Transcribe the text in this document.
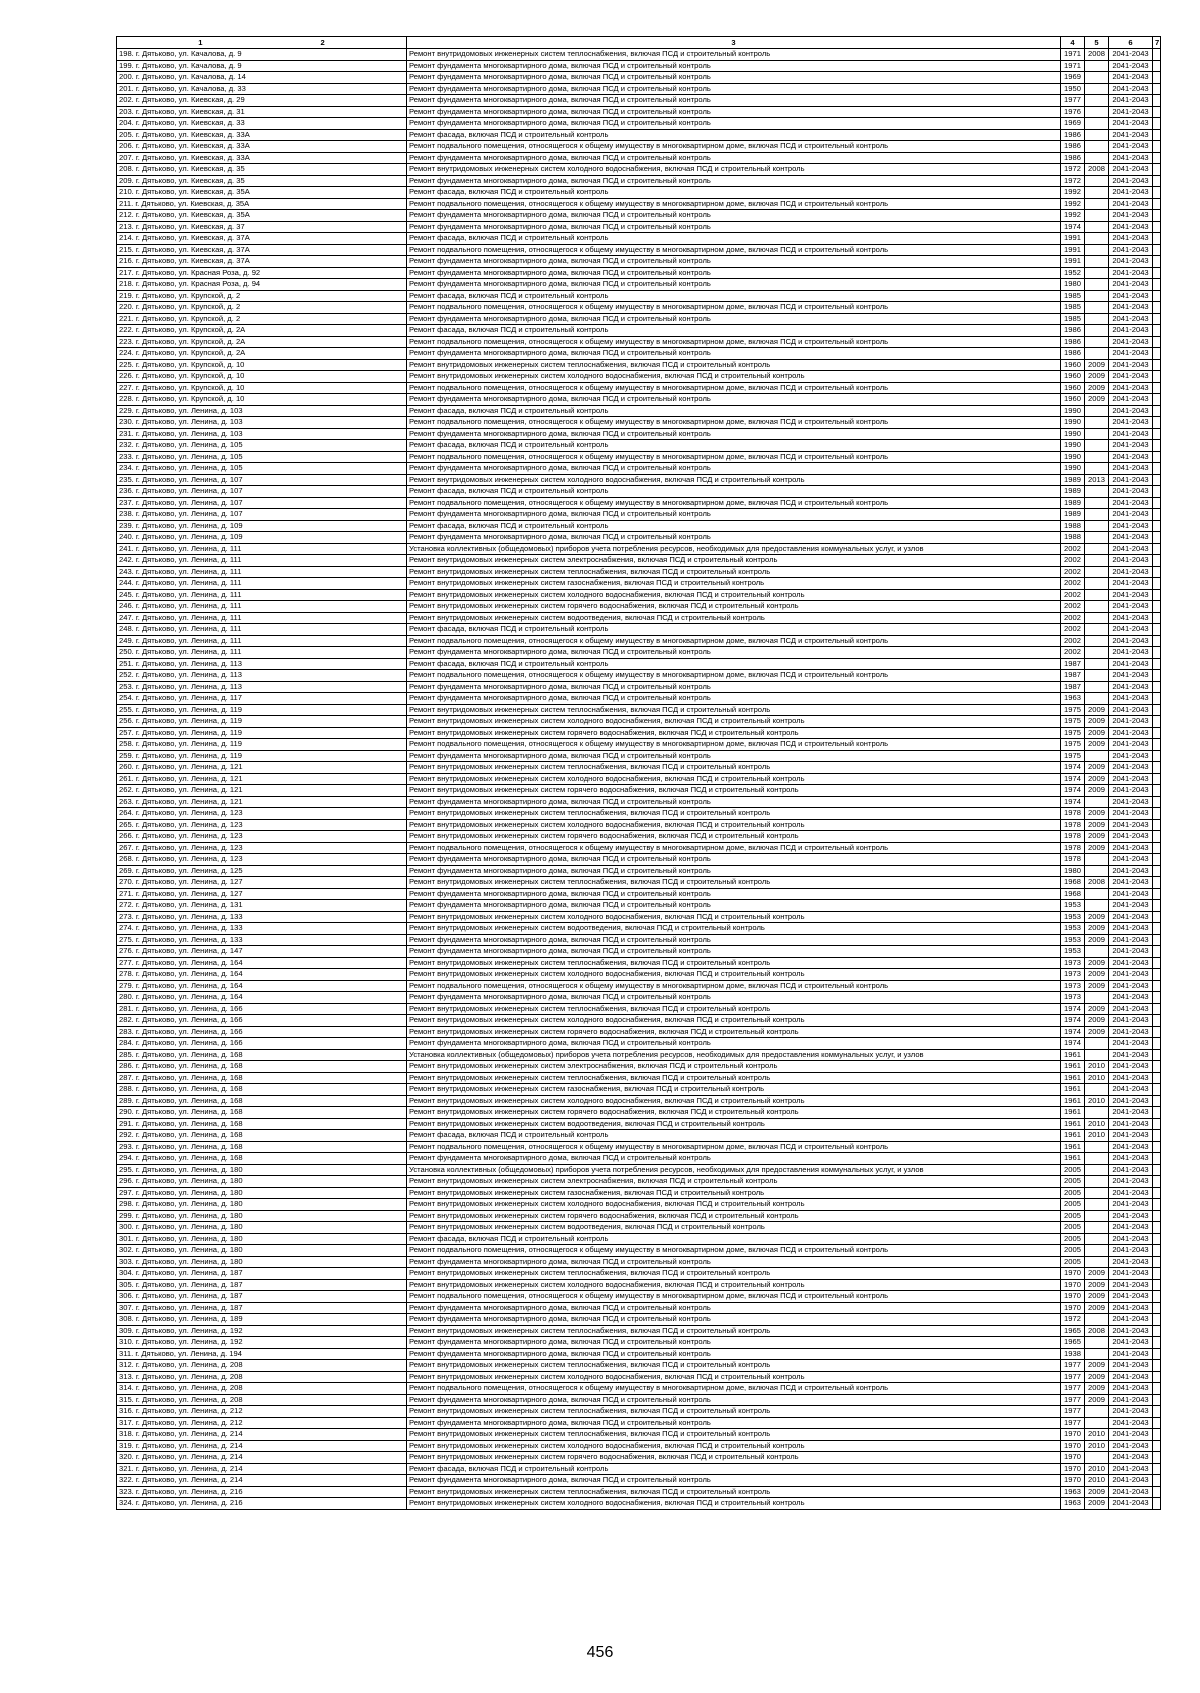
1 2	3	4	5	6	7
198. г. Дятьково, ул. Качалова, д. 9	Ремонт внутридомовых инженерных систем теплоснабжения, включая ПСД и строительный контроль	1971	2008	2041-2043	
199. г. Дятьково, ул. Качалова, д. 9	Ремонт фундамента многоквартирного дома, включая ПСД и строительный контроль	1971		2041-2043	
200. г. Дятьково, ул. Качалова, д. 14	Ремонт фундамента многоквартирного дома, включая ПСД и строительный контроль	1969		2041-2043	
201. г. Дятьково, ул. Качалова, д. 33	Ремонт фундамента многоквартирного дома, включая ПСД и строительный контроль	1950		2041-2043	
202. г. Дятьково, ул. Киевская, д. 29	Ремонт фундамента многоквартирного дома, включая ПСД и строительный контроль	1977		2041-2043	
203. г. Дятьково, ул. Киевская, д. 31	Ремонт фундамента многоквартирного дома, включая ПСД и строительный контроль	1976		2041-2043	
204. г. Дятьково, ул. Киевская, д. 33	Ремонт фундамента многоквартирного дома, включая ПСД и строительный контроль	1969		2041-2043	
205. г. Дятьково, ул. Киевская, д. 33А	Ремонт фасада, включая ПСД и строительный контроль	1986		2041-2043	
206. г. Дятьково, ул. Киевская, д. 33А	Ремонт подвального помещения, относящегося к общему имуществу в многоквартирном доме, включая ПСД и строительный контроль	1986		2041-2043	
207. г. Дятьково, ул. Киевская, д. 33А	Ремонт фундамента многоквартирного дома, включая ПСД и строительный контроль	1986		2041-2043	
208. г. Дятьково, ул. Киевская, д. 35	Ремонт внутридомовых инженерных систем холодного водоснабжения, включая ПСД и строительный контроль	1972	2008	2041-2043	
209. г. Дятьково, ул. Киевская, д. 35	Ремонт фундамента многоквартирного дома, включая ПСД и строительный контроль	1972		2041-2043	
210. г. Дятьково, ул. Киевская, д. 35А	Ремонт фасада, включая ПСД и строительный контроль	1992		2041-2043	
211. г. Дятьково, ул. Киевская, д. 35А	Ремонт подвального помещения, относящегося к общему имуществу в многоквартирном доме, включая ПСД и строительный контроль	1992		2041-2043	
212. г. Дятьково, ул. Киевская, д. 35А	Ремонт фундамента многоквартирного дома, включая ПСД и строительный контроль	1992		2041-2043	
213. г. Дятьково, ул. Киевская, д. 37	Ремонт фундамента многоквартирного дома, включая ПСД и строительный контроль	1974		2041-2043	
214. г. Дятьково, ул. Киевская, д. 37А	Ремонт фасада, включая ПСД и строительный контроль	1991		2041-2043	
215. г. Дятьково, ул. Киевская, д. 37А	Ремонт подвального помещения, относящегося к общему имуществу в многоквартирном доме, включая ПСД и строительный контроль	1991		2041-2043	
216. г. Дятьково, ул. Киевская, д. 37А	Ремонт фундамента многоквартирного дома, включая ПСД и строительный контроль	1991		2041-2043	
217. г. Дятьково, ул. Красная Роза, д. 92	Ремонт фундамента многоквартирного дома, включая ПСД и строительный контроль	1952		2041-2043	
218. г. Дятьково, ул. Красная Роза, д. 94	Ремонт фундамента многоквартирного дома, включая ПСД и строительный контроль	1980		2041-2043	
219. г. Дятьково, ул. Крупской, д. 2	Ремонт фасада, включая ПСД и строительный контроль	1985		2041-2043	
220. г. Дятьково, ул. Крупской, д. 2	Ремонт подвального помещения, относящегося к общему имуществу в многоквартирном доме, включая ПСД и строительный контроль	1985		2041-2043	
221. г. Дятьково, ул. Крупской, д. 2	Ремонт фундамента многоквартирного дома, включая ПСД и строительный контроль	1985		2041-2043	
222. г. Дятьково, ул. Крупской, д. 2А	Ремонт фасада, включая ПСД и строительный контроль	1986		2041-2043	
223. г. Дятьково, ул. Крупской, д. 2А	Ремонт подвального помещения, относящегося к общему имуществу в многоквартирном доме, включая ПСД и строительный контроль	1986		2041-2043	
224. г. Дятьково, ул. Крупской, д. 2А	Ремонт фундамента многоквартирного дома, включая ПСД и строительный контроль	1986		2041-2043	
225. г. Дятьково, ул. Крупской, д. 10	Ремонт внутридомовых инженерных систем теплоснабжения, включая ПСД и строительный контроль	1960	2009	2041-2043	
226. г. Дятьково, ул. Крупской, д. 10	Ремонт внутридомовых инженерных систем холодного водоснабжения, включая ПСД и строительный контроль	1960	2009	2041-2043	
227. г. Дятьково, ул. Крупской, д. 10	Ремонт подвального помещения, относящегося к общему имуществу в многоквартирном доме, включая ПСД и строительный контроль	1960	2009	2041-2043	
228. г. Дятьково, ул. Крупской, д. 10	Ремонт фундамента многоквартирного дома, включая ПСД и строительный контроль	1960	2009	2041-2043	
229. г. Дятьково, ул. Ленина, д. 103	Ремонт фасада, включая ПСД и строительный контроль	1990		2041-2043	
230. г. Дятьково, ул. Ленина, д. 103	Ремонт подвального помещения, относящегося к общему имуществу в многоквартирном доме, включая ПСД и строительный контроль	1990		2041-2043	
231. г. Дятьково, ул. Ленина, д. 103	Ремонт фундамента многоквартирного дома, включая ПСД и строительный контроль	1990		2041-2043	
232. г. Дятьково, ул. Ленина, д. 105	Ремонт фасада, включая ПСД и строительный контроль	1990		2041-2043	
233. г. Дятьково, ул. Ленина, д. 105	Ремонт подвального помещения, относящегося к общему имуществу в многоквартирном доме, включая ПСД и строительный контроль	1990		2041-2043	
234. г. Дятьково, ул. Ленина, д. 105	Ремонт фундамента многоквартирного дома, включая ПСД и строительный контроль	1990		2041-2043	
235. г. Дятьково, ул. Ленина, д. 107	Ремонт внутридомовых инженерных систем холодного водоснабжения, включая ПСД и строительный контроль	1989	2013	2041-2043	
236. г. Дятьково, ул. Ленина, д. 107	Ремонт фасада, включая ПСД и строительный контроль	1989		2041-2043	
237. г. Дятьково, ул. Ленина, д. 107	Ремонт подвального помещения, относящегося к общему имуществу в многоквартирном доме, включая ПСД и строительный контроль	1989		2041-2043	
238. г. Дятьково, ул. Ленина, д. 107	Ремонт фундамента многоквартирного дома, включая ПСД и строительный контроль	1989		2041-2043	
239. г. Дятьково, ул. Ленина, д. 109	Ремонт фасада, включая ПСД и строительный контроль	1988		2041-2043	
240. г. Дятьково, ул. Ленина, д. 109	Ремонт фундамента многоквартирного дома, включая ПСД и строительный контроль	1988		2041-2043	
241. г. Дятьково, ул. Ленина, д. 111	Установка коллективных (общедомовых) приборов учета потребления ресурсов, необходимых для предоставления коммунальных услуг, и узлов	2002		2041-2043	
242. г. Дятьково, ул. Ленина, д. 111	Ремонт внутридомовых инженерных систем электроснабжения, включая ПСД и строительный контроль	2002		2041-2043	
243. г. Дятьково, ул. Ленина, д. 111	Ремонт внутридомовых инженерных систем теплоснабжения, включая ПСД и строительный контроль	2002		2041-2043	
244. г. Дятьково, ул. Ленина, д. 111	Ремонт внутридомовых инженерных систем газоснабжения, включая ПСД и строительный контроль	2002		2041-2043	
245. г. Дятьково, ул. Ленина, д. 111	Ремонт внутридомовых инженерных систем холодного водоснабжения, включая ПСД и строительный контроль	2002		2041-2043	
246. г. Дятьково, ул. Ленина, д. 111	Ремонт внутридомовых инженерных систем горячего водоснабжения, включая ПСД и строительный контроль	2002		2041-2043	
247. г. Дятьково, ул. Ленина, д. 111	Ремонт внутридомовых инженерных систем водоотведения, включая ПСД и строительный контроль	2002		2041-2043	
248. г. Дятьково, ул. Ленина, д. 111	Ремонт фасада, включая ПСД и строительный контроль	2002		2041-2043	
249. г. Дятьково, ул. Ленина, д. 111	Ремонт подвального помещения, относящегося к общему имуществу в многоквартирном доме, включая ПСД и строительный контроль	2002		2041-2043	
250. г. Дятьково, ул. Ленина, д. 111	Ремонт фундамента многоквартирного дома, включая ПСД и строительный контроль	2002		2041-2043	
251. г. Дятьково, ул. Ленина, д. 113	Ремонт фасада, включая ПСД и строительный контроль	1987		2041-2043	
252. г. Дятьково, ул. Ленина, д. 113	Ремонт подвального помещения, относящегося к общему имуществу в многоквартирном доме, включая ПСД и строительный контроль	1987		2041-2043	
253. г. Дятьково, ул. Ленина, д. 113	Ремонт фундамента многоквартирного дома, включая ПСД и строительный контроль	1987		2041-2043	
254. г. Дятьково, ул. Ленина, д. 117	Ремонт фундамента многоквартирного дома, включая ПСД и строительный контроль	1963		2041-2043	
255. г. Дятьково, ул. Ленина, д. 119	Ремонт внутридомовых инженерных систем теплоснабжения, включая ПСД и строительный контроль	1975	2009	2041-2043	
256. г. Дятьково, ул. Ленина, д. 119	Ремонт внутридомовых инженерных систем холодного водоснабжения, включая ПСД и строительный контроль	1975	2009	2041-2043	
257. г. Дятьково, ул. Ленина, д. 119	Ремонт внутридомовых инженерных систем горячего водоснабжения, включая ПСД и строительный контроль	1975	2009	2041-2043	
258. г. Дятьково, ул. Ленина, д. 119	Ремонт подвального помещения, относящегося к общему имуществу в многоквартирном доме, включая ПСД и строительный контроль	1975	2009	2041-2043	
259. г. Дятьково, ул. Ленина, д. 119	Ремонт фундамента многоквартирного дома, включая ПСД и строительный контроль	1975		2041-2043	
260. г. Дятьково, ул. Ленина, д. 121	Ремонт внутридомовых инженерных систем теплоснабжения, включая ПСД и строительный контроль	1974	2009	2041-2043	
261. г. Дятьково, ул. Ленина, д. 121	Ремонт внутридомовых инженерных систем холодного водоснабжения, включая ПСД и строительный контроль	1974	2009	2041-2043	
262. г. Дятьково, ул. Ленина, д. 121	Ремонт внутридомовых инженерных систем горячего водоснабжения, включая ПСД и строительный контроль	1974	2009	2041-2043	
263. г. Дятьково, ул. Ленина, д. 121	Ремонт фундамента многоквартирного дома, включая ПСД и строительный контроль	1974		2041-2043	
264. г. Дятьково, ул. Ленина, д. 123	Ремонт внутридомовых инженерных систем теплоснабжения, включая ПСД и строительный контроль	1978	2009	2041-2043	
265. г. Дятьково, ул. Ленина, д. 123	Ремонт внутридомовых инженерных систем холодного водоснабжения, включая ПСД и строительный контроль	1978	2009	2041-2043	
266. г. Дятьково, ул. Ленина, д. 123	Ремонт внутридомовых инженерных систем горячего водоснабжения, включая ПСД и строительный контроль	1978	2009	2041-2043	
267. г. Дятьково, ул. Ленина, д. 123	Ремонт подвального помещения, относящегося к общему имуществу в многоквартирном доме, включая ПСД и строительный контроль	1978	2009	2041-2043	
268. г. Дятьково, ул. Ленина, д. 123	Ремонт фундамента многоквартирного дома, включая ПСД и строительный контроль	1978		2041-2043	
269. г. Дятьково, ул. Ленина, д. 125	Ремонт фундамента многоквартирного дома, включая ПСД и строительный контроль	1980		2041-2043	
270. г. Дятьково, ул. Ленина, д. 127	Ремонт внутридомовых инженерных систем теплоснабжения, включая ПСД и строительный контроль	1968	2008	2041-2043	
271. г. Дятьково, ул. Ленина, д. 127	Ремонт фундамента многоквартирного дома, включая ПСД и строительный контроль	1968		2041-2043	
272. г. Дятьково, ул. Ленина, д. 131	Ремонт фундамента многоквартирного дома, включая ПСД и строительный контроль	1953		2041-2043	
273. г. Дятьково, ул. Ленина, д. 133	Ремонт внутридомовых инженерных систем холодного водоснабжения, включая ПСД и строительный контроль	1953	2009	2041-2043	
274. г. Дятьково, ул. Ленина, д. 133	Ремонт внутридомовых инженерных систем водоотведения, включая ПСД и строительный контроль	1953	2009	2041-2043	
275. г. Дятьково, ул. Ленина, д. 133	Ремонт фундамента многоквартирного дома, включая ПСД и строительный контроль	1953	2009	2041-2043	
276. г. Дятьково, ул. Ленина, д. 147	Ремонт фундамента многоквартирного дома, включая ПСД и строительный контроль	1953		2041-2043	
277. г. Дятьково, ул. Ленина, д. 164	Ремонт внутридомовых инженерных систем теплоснабжения, включая ПСД и строительный контроль	1973	2009	2041-2043	
278. г. Дятьково, ул. Ленина, д. 164	Ремонт внутридомовых инженерных систем холодного водоснабжения, включая ПСД и строительный контроль	1973	2009	2041-2043	
279. г. Дятьково, ул. Ленина, д. 164	Ремонт подвального помещения, относящегося к общему имуществу в многоквартирном доме, включая ПСД и строительный контроль	1973	2009	2041-2043	
280. г. Дятьково, ул. Ленина, д. 164	Ремонт фундамента многоквартирного дома, включая ПСД и строительный контроль	1973		2041-2043	
281. г. Дятьково, ул. Ленина, д. 166	Ремонт внутридомовых инженерных систем теплоснабжения, включая ПСД и строительный контроль	1974	2009	2041-2043	
282. г. Дятьково, ул. Ленина, д. 166	Ремонт внутридомовых инженерных систем холодного водоснабжения, включая ПСД и строительный контроль	1974	2009	2041-2043	
283. г. Дятьково, ул. Ленина, д. 166	Ремонт внутридомовых инженерных систем горячего водоснабжения, включая ПСД и строительный контроль	1974	2009	2041-2043	
284. г. Дятьково, ул. Ленина, д. 166	Ремонт фундамента многоквартирного дома, включая ПСД и строительный контроль	1974		2041-2043	
285. г. Дятьково, ул. Ленина, д. 168	Установка коллективных (общедомовых) приборов учета потребления ресурсов, необходимых для предоставления коммунальных услуг, и узлов	1961		2041-2043	
286. г. Дятьково, ул. Ленина, д. 168	Ремонт внутридомовых инженерных систем электроснабжения, включая ПСД и строительный контроль	1961	2010	2041-2043	
287. г. Дятьково, ул. Ленина, д. 168	Ремонт внутридомовых инженерных систем теплоснабжения, включая ПСД и строительный контроль	1961	2010	2041-2043	
288. г. Дятьково, ул. Ленина, д. 168	Ремонт внутридомовых инженерных систем газоснабжения, включая ПСД и строительный контроль	1961		2041-2043	
289. г. Дятьково, ул. Ленина, д. 168	Ремонт внутридомовых инженерных систем холодного водоснабжения, включая ПСД и строительный контроль	1961	2010	2041-2043	
290. г. Дятьково, ул. Ленина, д. 168	Ремонт внутридомовых инженерных систем горячего водоснабжения, включая ПСД и строительный контроль	1961		2041-2043	
291. г. Дятьково, ул. Ленина, д. 168	Ремонт внутридомовых инженерных систем водоотведения, включая ПСД и строительный контроль	1961	2010	2041-2043	
292. г. Дятьково, ул. Ленина, д. 168	Ремонт фасада, включая ПСД и строительный контроль	1961	2010	2041-2043	
293. г. Дятьково, ул. Ленина, д. 168	Ремонт подвального помещения, относящегося к общему имуществу в многоквартирном доме, включая ПСД и строительный контроль	1961		2041-2043	
294. г. Дятьково, ул. Ленина, д. 168	Ремонт фундамента многоквартирного дома, включая ПСД и строительный контроль	1961		2041-2043	
295. г. Дятьково, ул. Ленина, д. 180	Установка коллективных (общедомовых) приборов учета потребления ресурсов, необходимых для предоставления коммунальных услуг, и узлов	2005		2041-2043	
296. г. Дятьково, ул. Ленина, д. 180	Ремонт внутридомовых инженерных систем электроснабжения, включая ПСД и строительный контроль	2005		2041-2043	
297. г. Дятьково, ул. Ленина, д. 180	Ремонт внутридомовых инженерных систем газоснабжения, включая ПСД и строительный контроль	2005		2041-2043	
298. г. Дятьково, ул. Ленина, д. 180	Ремонт внутридомовых инженерных систем холодного водоснабжения, включая ПСД и строительный контроль	2005		2041-2043	
299. г. Дятьково, ул. Ленина, д. 180	Ремонт внутридомовых инженерных систем горячего водоснабжения, включая ПСД и строительный контроль	2005		2041-2043	
300. г. Дятьково, ул. Ленина, д. 180	Ремонт внутридомовых инженерных систем водоотведения, включая ПСД и строительный контроль	2005		2041-2043	
301. г. Дятьково, ул. Ленина, д. 180	Ремонт фасада, включая ПСД и строительный контроль	2005		2041-2043	
302. г. Дятьково, ул. Ленина, д. 180	Ремонт подвального помещения, относящегося к общему имуществу в многоквартирном доме, включая ПСД и строительный контроль	2005		2041-2043	
303. г. Дятьково, ул. Ленина, д. 180	Ремонт фундамента многоквартирного дома, включая ПСД и строительный контроль	2005		2041-2043	
304. г. Дятьково, ул. Ленина, д. 187	Ремонт внутридомовых инженерных систем теплоснабжения, включая ПСД и строительный контроль	1970	2009	2041-2043	
305. г. Дятьково, ул. Ленина, д. 187	Ремонт внутридомовых инженерных систем холодного водоснабжения, включая ПСД и строительный контроль	1970	2009	2041-2043	
306. г. Дятьково, ул. Ленина, д. 187	Ремонт подвального помещения, относящегося к общему имуществу в многоквартирном доме, включая ПСД и строительный контроль	1970	2009	2041-2043	
307. г. Дятьково, ул. Ленина, д. 187	Ремонт фундамента многоквартирного дома, включая ПСД и строительный контроль	1970	2009	2041-2043	
308. г. Дятьково, ул. Ленина, д. 189	Ремонт фундамента многоквартирного дома, включая ПСД и строительный контроль	1972		2041-2043	
309. г. Дятьково, ул. Ленина, д. 192	Ремонт внутридомовых инженерных систем теплоснабжения, включая ПСД и строительный контроль	1965	2008	2041-2043	
310. г. Дятьково, ул. Ленина, д. 192	Ремонт фундамента многоквартирного дома, включая ПСД и строительный контроль	1965		2041-2043	
311. г. Дятьково, ул. Ленина, д. 194	Ремонт фундамента многоквартирного дома, включая ПСД и строительный контроль	1938		2041-2043	
312. г. Дятьково, ул. Ленина, д. 208	Ремонт внутридомовых инженерных систем теплоснабжения, включая ПСД и строительный контроль	1977	2009	2041-2043	
313. г. Дятьково, ул. Ленина, д. 208	Ремонт внутридомовых инженерных систем холодного водоснабжения, включая ПСД и строительный контроль	1977	2009	2041-2043	
314. г. Дятьково, ул. Ленина, д. 208	Ремонт подвального помещения, относящегося к общему имуществу в многоквартирном доме, включая ПСД и строительный контроль	1977	2009	2041-2043	
315. г. Дятьково, ул. Ленина, д. 208	Ремонт фундамента многоквартирного дома, включая ПСД и строительный контроль	1977	2009	2041-2043	
316. г. Дятьково, ул. Ленина, д. 212	Ремонт внутридомовых инженерных систем теплоснабжения, включая ПСД и строительный контроль	1977		2041-2043	
317. г. Дятьково, ул. Ленина, д. 212	Ремонт фундамента многоквартирного дома, включая ПСД и строительный контроль	1977		2041-2043	
318. г. Дятьково, ул. Ленина, д. 214	Ремонт внутридомовых инженерных систем теплоснабжения, включая ПСД и строительный контроль	1970	2010	2041-2043	
319. г. Дятьково, ул. Ленина, д. 214	Ремонт внутридомовых инженерных систем холодного водоснабжения, включая ПСД и строительный контроль	1970	2010	2041-2043	
320. г. Дятьково, ул. Ленина, д. 214	Ремонт внутридомовых инженерных систем горячего водоснабжения, включая ПСД и строительный контроль	1970		2041-2043	
321. г. Дятьково, ул. Ленина, д. 214	Ремонт фасада, включая ПСД и строительный контроль	1970	2010	2041-2043	
322. г. Дятьково, ул. Ленина, д. 214	Ремонт фундамента многоквартирного дома, включая ПСД и строительный контроль	1970	2010	2041-2043	
323. г. Дятьково, ул. Ленина, д. 216	Ремонт внутридомовых инженерных систем теплоснабжения, включая ПСД и строительный контроль	1963	2009	2041-2043	
324. г. Дятьково, ул. Ленина, д. 216	Ремонт внутридомовых инженерных систем холодного водоснабжения, включая ПСД и строительный контроль	1963	2009	2041-2043	
456
